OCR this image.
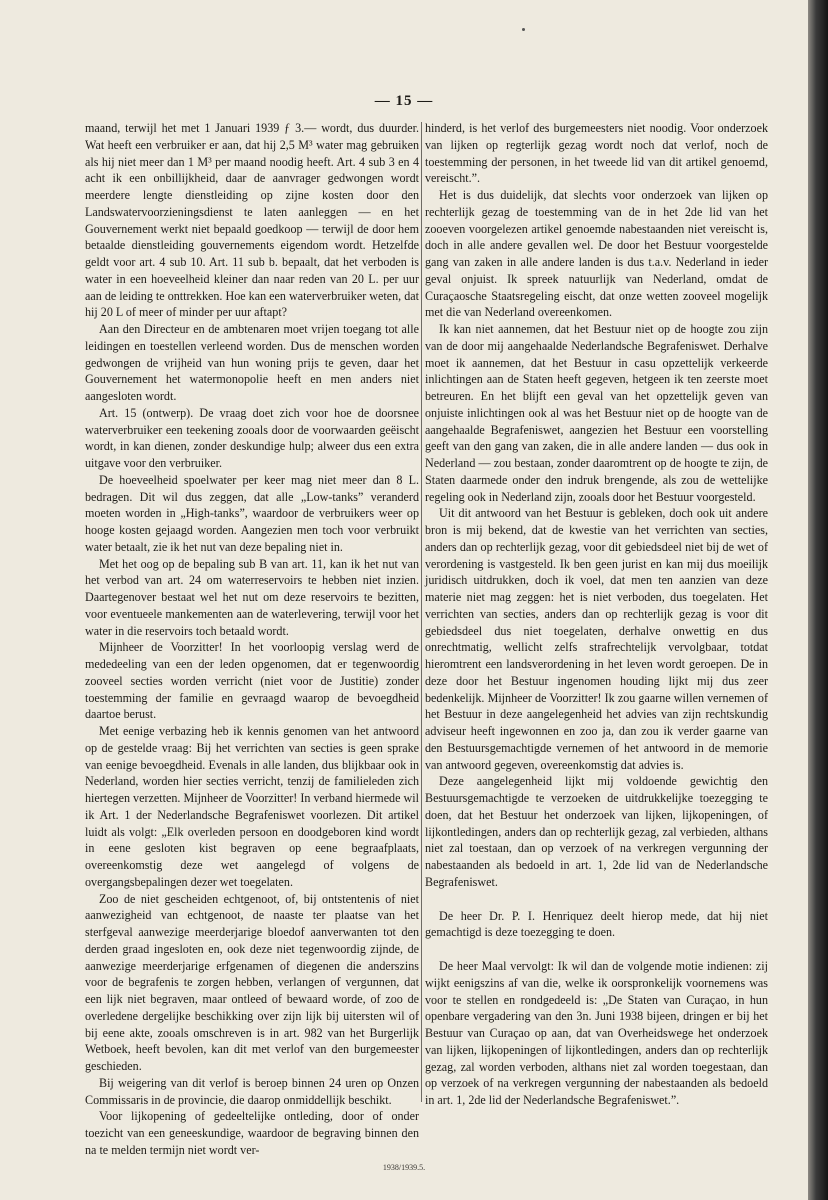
— 15 —

maand, terwijl het met 1 Januari 1939 ƒ 3.— wordt, dus duurder. Wat heeft een verbruiker er aan, dat hij 2,5 M³ water mag gebruiken als hij niet meer dan 1 M³ per maand noodig heeft. Art. 4 sub 3 en 4 acht ik een onbillijkheid, daar de aanvrager gedwongen wordt meerdere lengte dienstleiding op zijne kosten door den Landswatervoorzieningsdienst te laten aanleggen — en het Gouvernement werkt niet bepaald goedkoop — terwijl de door hem betaalde dienstleiding gouvernements eigendom wordt. Hetzelfde geldt voor art. 4 sub 10. Art. 11 sub b. bepaalt, dat het verboden is water in een hoeveelheid kleiner dan naar reden van 20 L. per uur aan de leiding te onttrekken. Hoe kan een waterverbruiker weten, dat hij 20 L of meer of minder per uur aftapt?

Aan den Directeur en de ambtenaren moet vrijen toegang tot alle leidingen en toestellen verleend worden. Dus de menschen worden gedwongen de vrijheid van hun woning prijs te geven, daar het Gouvernement het watermonopolie heeft en men anders niet aangesloten wordt.

Art. 15 (ontwerp). De vraag doet zich voor hoe de doorsnee waterverbruiker een teekening zooals door de voorwaarden geëischt wordt, in kan dienen, zonder deskundige hulp; alweer dus een extra uitgave voor den verbruiker.

De hoeveelheid spoelwater per keer mag niet meer dan 8 L. bedragen. Dit wil dus zeggen, dat alle „Low-tanks” veranderd moeten worden in „High-tanks”, waardoor de verbruikers weer op hooge kosten gejaagd worden. Aangezien men toch voor verbruikt water betaalt, zie ik het nut van deze bepaling niet in.

Met het oog op de bepaling sub B van art. 11, kan ik het nut van het verbod van art. 24 om waterreservoirs te hebben niet inzien. Daartegenover bestaat wel het nut om deze reservoirs te bezitten, voor eventueele mankementen aan de waterlevering, terwijl voor het water in die reservoirs toch betaald wordt.

Mijnheer de Voorzitter! In het voorloopig verslag werd de mededeeling van een der leden opgenomen, dat er tegenwoordig zooveel secties worden verricht (niet voor de Justitie) zonder toestemming der familie en gevraagd waarop de bevoegdheid daartoe berust.

Met eenige verbazing heb ik kennis genomen van het antwoord op de gestelde vraag: Bij het verrichten van secties is geen sprake van eenige bevoegdheid. Evenals in alle landen, dus blijkbaar ook in Nederland, worden hier secties verricht, tenzij de familieleden zich hiertegen verzetten. Mijnheer de Voorzitter! In verband hiermede wil ik Art. 1 der Nederlandsche Begrafeniswet voorlezen. Dit artikel luidt als volgt: „Elk overleden persoon en doodgeboren kind wordt in eene gesloten kist begraven op eene begraafplaats, overeenkomstig deze wet aangelegd of volgens de overgangsbepalingen dezer wet toegelaten.

Zoo de niet gescheiden echtgenoot, of, bij ontstentenis of niet aanwezigheid van echtgenoot, de naaste ter plaatse van het sterfgeval aanwezige meerderjarige bloedof aanverwanten tot den derden graad ingesloten en, ook deze niet tegenwoordig zijnde, de aanwezige meerderjarige erfgenamen of diegenen die anderszins voor de begrafenis te zorgen hebben, verlangen of vergunnen, dat een lijk niet begraven, maar ontleed of bewaard worde, of zoo de overledene dergelijke beschikking over zijn lijk bij uitersten wil of bij eene akte, zooals omschreven is in art. 982 van het Burgerlijk Wetboek, heeft bevolen, kan dit met verlof van den burgemeester geschieden.

Bij weigering van dit verlof is beroep binnen 24 uren op Onzen Commissaris in de provincie, die daarop onmiddellijk beschikt.

Voor lijkopening of gedeeltelijke ontleding, door of onder toezicht van een geneeskundige, waardoor de begraving binnen den na te melden termijn niet wordt ver-

hinderd, is het verlof des burgemeesters niet noodig. Voor onderzoek van lijken op regterlijk gezag wordt noch dat verlof, noch de toestemming der personen, in het tweede lid van dit artikel genoemd, vereischt.”.

Het is dus duidelijk, dat slechts voor onderzoek van lijken op rechterlijk gezag de toestemming van de in het 2de lid van het zooeven voorgelezen artikel genoemde nabestaanden niet vereischt is, doch in alle andere gevallen wel. De door het Bestuur voorgestelde gang van zaken in alle andere landen is dus t.a.v. Nederland in ieder geval onjuist. Ik spreek natuurlijk van Nederland, omdat de Curaçaosche Staatsregeling eischt, dat onze wetten zooveel mogelijk met die van Nederland overeenkomen.

Ik kan niet aannemen, dat het Bestuur niet op de hoogte zou zijn van de door mij aangehaalde Nederlandsche Begrafeniswet. Derhalve moet ik aannemen, dat het Bestuur in casu opzettelijk verkeerde inlichtingen aan de Staten heeft gegeven, hetgeen ik ten zeerste moet betreuren. En het blijft een geval van het opzettelijk geven van onjuiste inlichtingen ook al was het Bestuur niet op de hoogte van de aangehaalde Begrafeniswet, aangezien het Bestuur een voorstelling geeft van den gang van zaken, die in alle andere landen — dus ook in Nederland — zou bestaan, zonder daaromtrent op de hoogte te zijn, de Staten daarmede onder den indruk brengende, als zou de wettelijke regeling ook in Nederland zijn, zooals door het Bestuur voorgesteld.

Uit dit antwoord van het Bestuur is gebleken, doch ook uit andere bron is mij bekend, dat de kwestie van het verrichten van secties, anders dan op rechterlijk gezag, voor dit gebiedsdeel niet bij de wet of verordening is vastgesteld. Ik ben geen jurist en kan mij dus moeilijk juridisch uitdrukken, doch ik voel, dat men ten aanzien van deze materie niet mag zeggen: het is niet verboden, dus toegelaten. Het verrichten van secties, anders dan op rechterlijk gezag is voor dit gebiedsdeel dus niet toegelaten, derhalve onwettig en dus onrechtmatig, wellicht zelfs strafrechtelijk vervolgbaar, totdat hieromtrent een landsverordening in het leven wordt geroepen. De in deze door het Bestuur ingenomen houding lijkt mij dus zeer bedenkelijk. Mijnheer de Voorzitter! Ik zou gaarne willen vernemen of het Bestuur in deze aangelegenheid het advies van zijn rechtskundig adviseur heeft ingewonnen en zoo ja, dan zou ik verder gaarne van den Bestuursgemachtigde vernemen of het antwoord in de memorie van antwoord gegeven, overeenkomstig dat advies is.

Deze aangelegenheid lijkt mij voldoende gewichtig den Bestuursgemachtigde te verzoeken de uitdrukkelijke toezegging te doen, dat het Bestuur het onderzoek van lijken, lijkopeningen, of lijkontledingen, anders dan op rechterlijk gezag, zal verbieden, althans niet zal toestaan, dan op verzoek of na verkregen vergunning der nabestaanden als bedoeld in art. 1, 2de lid van de Nederlandsche Begrafeniswet.

De heer Dr. P. I. Henriquez deelt hierop mede, dat hij niet gemachtigd is deze toezegging te doen.

De heer Maal vervolgt: Ik wil dan de volgende motie indienen: zij wijkt eenigszins af van die, welke ik oorspronkelijk voornemens was voor te stellen en rondgedeeld is: „De Staten van Curaçao, in hun openbare vergadering van den 3n. Juni 1938 bijeen, dringen er bij het Bestuur van Curaçao op aan, dat van Overheidswege het onderzoek van lijken, lijkopeningen of lijkontledingen, anders dan op rechterlijk gezag, zal worden verboden, althans niet zal worden toegestaan, dan op verzoek of na verkregen vergunning der nabestaanden als bedoeld in art. 1, 2de lid der Nederlandsche Begrafeniswet.”.

1938/1939.5.
